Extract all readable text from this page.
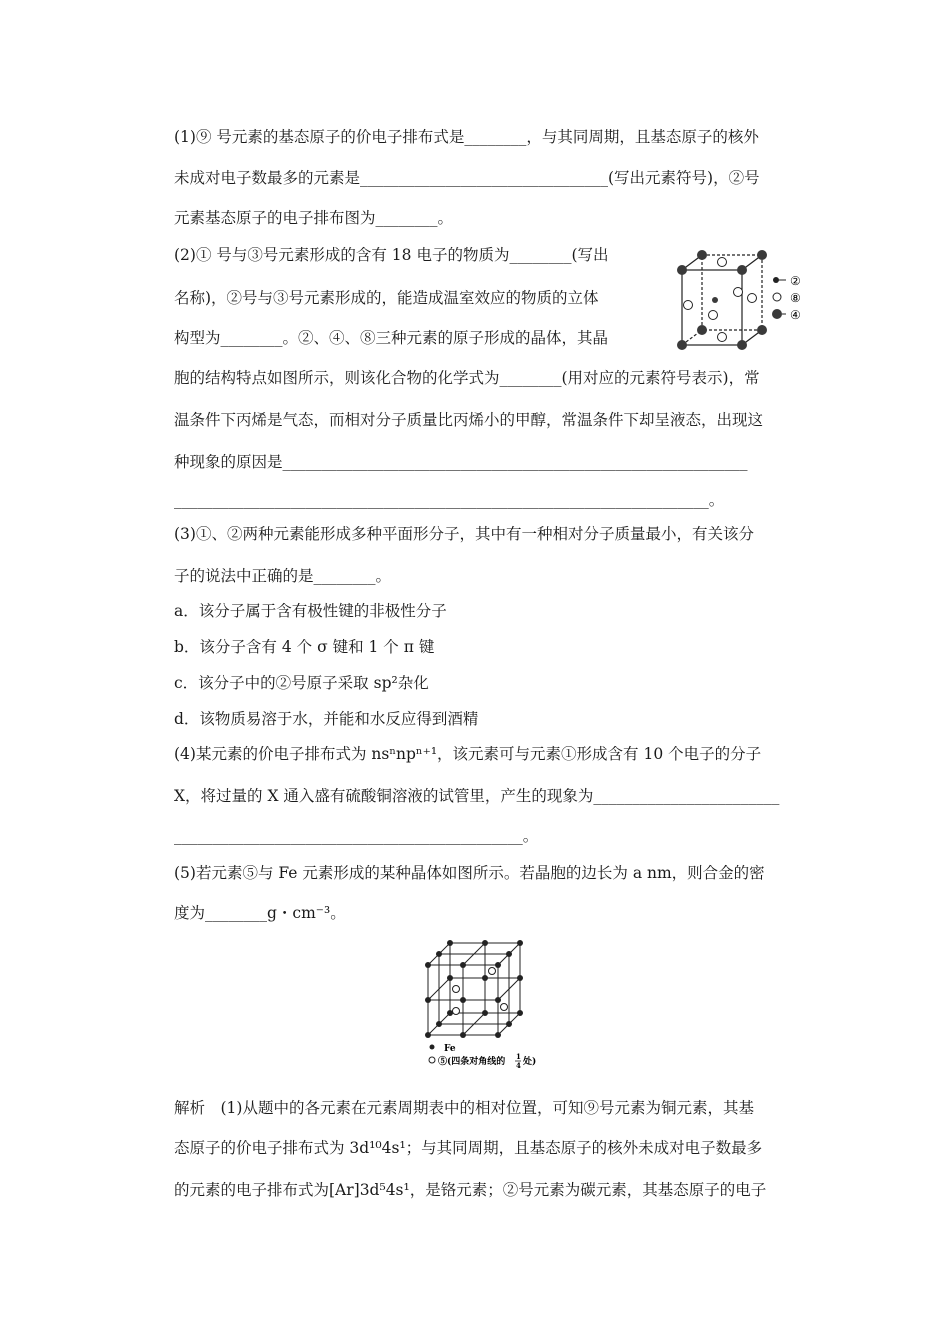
(1)⑨ 号元素的基态原子的价电子排布式是________，与其同周期，且基态原子的核外
未成对电子数最多的元素是________________________________(写出元素符号)，②号
元素基态原子的电子排布图为________。
(2)① 号与③号元素形成的含有 18 电子的物质为________(写出
名称)，②号与③号元素形成的，能造成温室效应的物质的立体
构型为________。②、④、⑧三种元素的原子形成的晶体，其晶
胞的结构特点如图所示，则该化合物的化学式为________(用对应的元素符号表示)，常
温条件下丙烯是气态，而相对分子质量比丙烯小的甲醇，常温条件下却呈液态，出现这
种现象的原因是____________________________________________________________
_____________________________________________________________________。
(3)①、②两种元素能形成多种平面形分子，其中有一种相对分子质量最小，有关该分
子的说法中正确的是________。
a．该分子属于含有极性键的非极性分子
b．该分子含有 4 个 σ 键和 1 个 π 键
c．该分子中的②号原子采取 sp²杂化
d．该物质易溶于水，并能和水反应得到酒精
(4)某元素的价电子排布式为 nsⁿnpⁿ⁺¹，该元素可与元素①形成含有 10 个电子的分子
X，将过量的 X 通入盛有硫酸铜溶液的试管里，产生的现象为________________________
_____________________________________________。
(5)若元素⑤与 Fe 元素形成的某种晶体如图所示。若晶胞的边长为 a nm，则合金的密
度为________g・cm⁻³。
解析　(1)从题中的各元素在元素周期表中的相对位置，可知⑨号元素为铜元素，其基
态原子的价电子排布式为 3d¹⁰4s¹；与其同周期，且基态原子的核外未成对电子数最多
的元素的电子排布式为[Ar]3d⁵4s¹，是铬元素；②号元素为碳元素，其基态原子的电子
②
⑧
④
Fe
⑤(四条对角线的
1
4 处)
